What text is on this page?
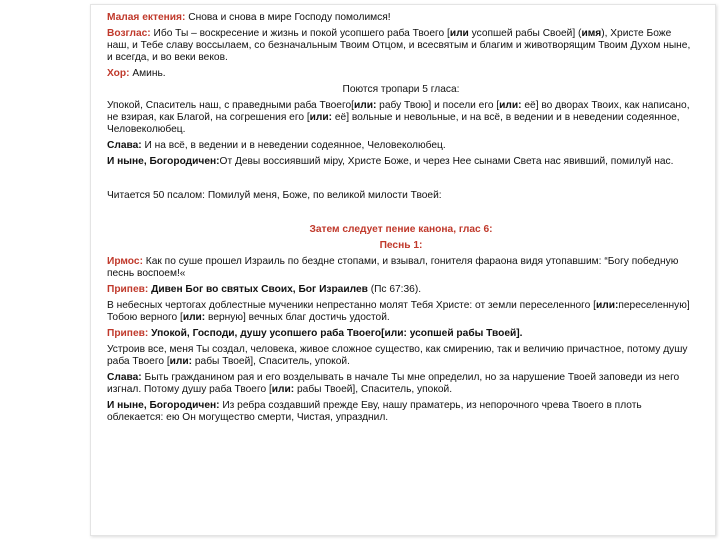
Малая ектения: Снова и снова в мире Господу помолимся!

Возглас: Ибо Ты – воскресение и жизнь и покой усопшего раба Твоего [или усопшей рабы Своей] (имя), Христе Боже наш, и Тебе славу воссылаем, со безначальным Твоим Отцом, и всесвятым и благим и животворящим Твоим Духом ныне, и всегда, и во веки веков.

Хор: Аминь.

Поются тропари 5 гласа:

Упокой, Спаситель наш, с праведными раба Твоего[или: рабу Твою] и посели его [или: её] во дворах Твоих, как написано, не взирая, как Благой, на согрешения его [или: её] вольные и невольные, и на всё, в ведении и в неведении содеянное, Человеколюбец.

Слава: И на всё, в ведении и в неведении содеянное, Человеколюбец.

И ныне, Богородичен:От Девы воссиявший міру, Христе Боже, и через Нее сынами Света нас явивший, помилуй нас.

Читается 50 псалом: Помилуй меня, Боже, по великой милости Твоей:

Затем следует пение канона, глас 6:

Песнь 1:

Ирмос: Как по суше прошел Израиль по бездне стопами, и взывал, гонителя фараона видя утопавшим: “Богу победную песнь воспоем!«

Припев: Дивен Бог во святых Своих, Бог Израилев (Пс 67:36).

В небесных чертогах доблестные мученики непрестанно молят Тебя Христе: от земли переселенного [или:переселенную] Тобою верного [или: верную] вечных благ достичь удостой.

Припев: Упокой, Господи, душу усопшего раба Твоего[или: усопшей рабы Твоей].

Устроив все, меня Ты создал, человека, живое сложное существо, как смирению, так и величию причастное, потому душу раба Твоего [или: рабы Твоей], Спаситель, упокой.

Слава: Быть гражданином рая и его возделывать в начале Ты мне определил, но за нарушение Твоей заповеди из него изгнал. Потому душу раба Твоего [или: рабы Твоей], Спаситель, упокой.

И ныне, Богородичен: Из ребра создавший прежде Еву, нашу праматерь, из непорочного чрева Твоего в плоть облекается: ею Он могущество смерти, Чистая, упразднил.
